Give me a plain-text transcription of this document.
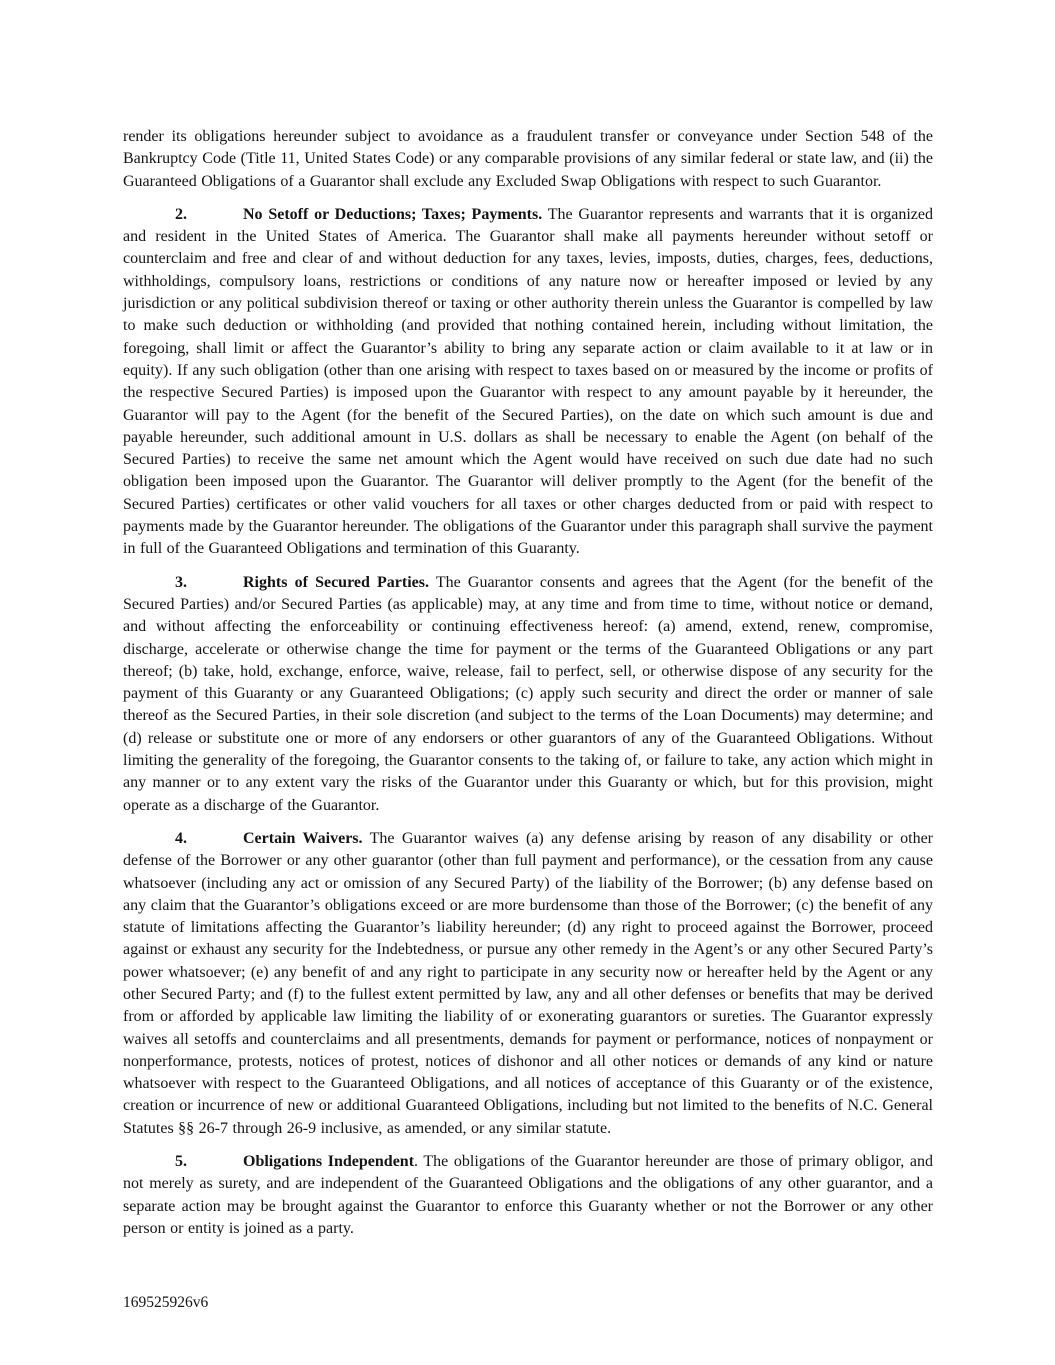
render its obligations hereunder subject to avoidance as a fraudulent transfer or conveyance under Section 548 of the Bankruptcy Code (Title 11, United States Code) or any comparable provisions of any similar federal or state law, and (ii) the Guaranteed Obligations of a Guarantor shall exclude any Excluded Swap Obligations with respect to such Guarantor.

2.	No Setoff or Deductions; Taxes; Payments. The Guarantor represents and warrants that it is organized and resident in the United States of America. The Guarantor shall make all payments hereunder without setoff or counterclaim and free and clear of and without deduction for any taxes, levies, imposts, duties, charges, fees, deductions, withholdings, compulsory loans, restrictions or conditions of any nature now or hereafter imposed or levied by any jurisdiction or any political subdivision thereof or taxing or other authority therein unless the Guarantor is compelled by law to make such deduction or withholding (and provided that nothing contained herein, including without limitation, the foregoing, shall limit or affect the Guarantor’s ability to bring any separate action or claim available to it at law or in equity). If any such obligation (other than one arising with respect to taxes based on or measured by the income or profits of the respective Secured Parties) is imposed upon the Guarantor with respect to any amount payable by it hereunder, the Guarantor will pay to the Agent (for the benefit of the Secured Parties), on the date on which such amount is due and payable hereunder, such additional amount in U.S. dollars as shall be necessary to enable the Agent (on behalf of the Secured Parties) to receive the same net amount which the Agent would have received on such due date had no such obligation been imposed upon the Guarantor. The Guarantor will deliver promptly to the Agent (for the benefit of the Secured Parties) certificates or other valid vouchers for all taxes or other charges deducted from or paid with respect to payments made by the Guarantor hereunder. The obligations of the Guarantor under this paragraph shall survive the payment in full of the Guaranteed Obligations and termination of this Guaranty.

3.	Rights of Secured Parties. The Guarantor consents and agrees that the Agent (for the benefit of the Secured Parties) and/or Secured Parties (as applicable) may, at any time and from time to time, without notice or demand, and without affecting the enforceability or continuing effectiveness hereof: (a) amend, extend, renew, compromise, discharge, accelerate or otherwise change the time for payment or the terms of the Guaranteed Obligations or any part thereof; (b) take, hold, exchange, enforce, waive, release, fail to perfect, sell, or otherwise dispose of any security for the payment of this Guaranty or any Guaranteed Obligations; (c) apply such security and direct the order or manner of sale thereof as the Secured Parties, in their sole discretion (and subject to the terms of the Loan Documents) may determine; and (d) release or substitute one or more of any endorsers or other guarantors of any of the Guaranteed Obligations. Without limiting the generality of the foregoing, the Guarantor consents to the taking of, or failure to take, any action which might in any manner or to any extent vary the risks of the Guarantor under this Guaranty or which, but for this provision, might operate as a discharge of the Guarantor.

4.	Certain Waivers. The Guarantor waives (a) any defense arising by reason of any disability or other defense of the Borrower or any other guarantor (other than full payment and performance), or the cessation from any cause whatsoever (including any act or omission of any Secured Party) of the liability of the Borrower; (b) any defense based on any claim that the Guarantor’s obligations exceed or are more burdensome than those of the Borrower; (c) the benefit of any statute of limitations affecting the Guarantor’s liability hereunder; (d) any right to proceed against the Borrower, proceed against or exhaust any security for the Indebtedness, or pursue any other remedy in the Agent’s or any other Secured Party’s power whatsoever; (e) any benefit of and any right to participate in any security now or hereafter held by the Agent or any other Secured Party; and (f) to the fullest extent permitted by law, any and all other defenses or benefits that may be derived from or afforded by applicable law limiting the liability of or exonerating guarantors or sureties. The Guarantor expressly waives all setoffs and counterclaims and all presentments, demands for payment or performance, notices of nonpayment or nonperformance, protests, notices of protest, notices of dishonor and all other notices or demands of any kind or nature whatsoever with respect to the Guaranteed Obligations, and all notices of acceptance of this Guaranty or of the existence, creation or incurrence of new or additional Guaranteed Obligations, including but not limited to the benefits of N.C. General Statutes §§ 26-7 through 26-9 inclusive, as amended, or any similar statute.

5.	Obligations Independent. The obligations of the Guarantor hereunder are those of primary obligor, and not merely as surety, and are independent of the Guaranteed Obligations and the obligations of any other guarantor, and a separate action may be brought against the Guarantor to enforce this Guaranty whether or not the Borrower or any other person or entity is joined as a party.

169525926v6
